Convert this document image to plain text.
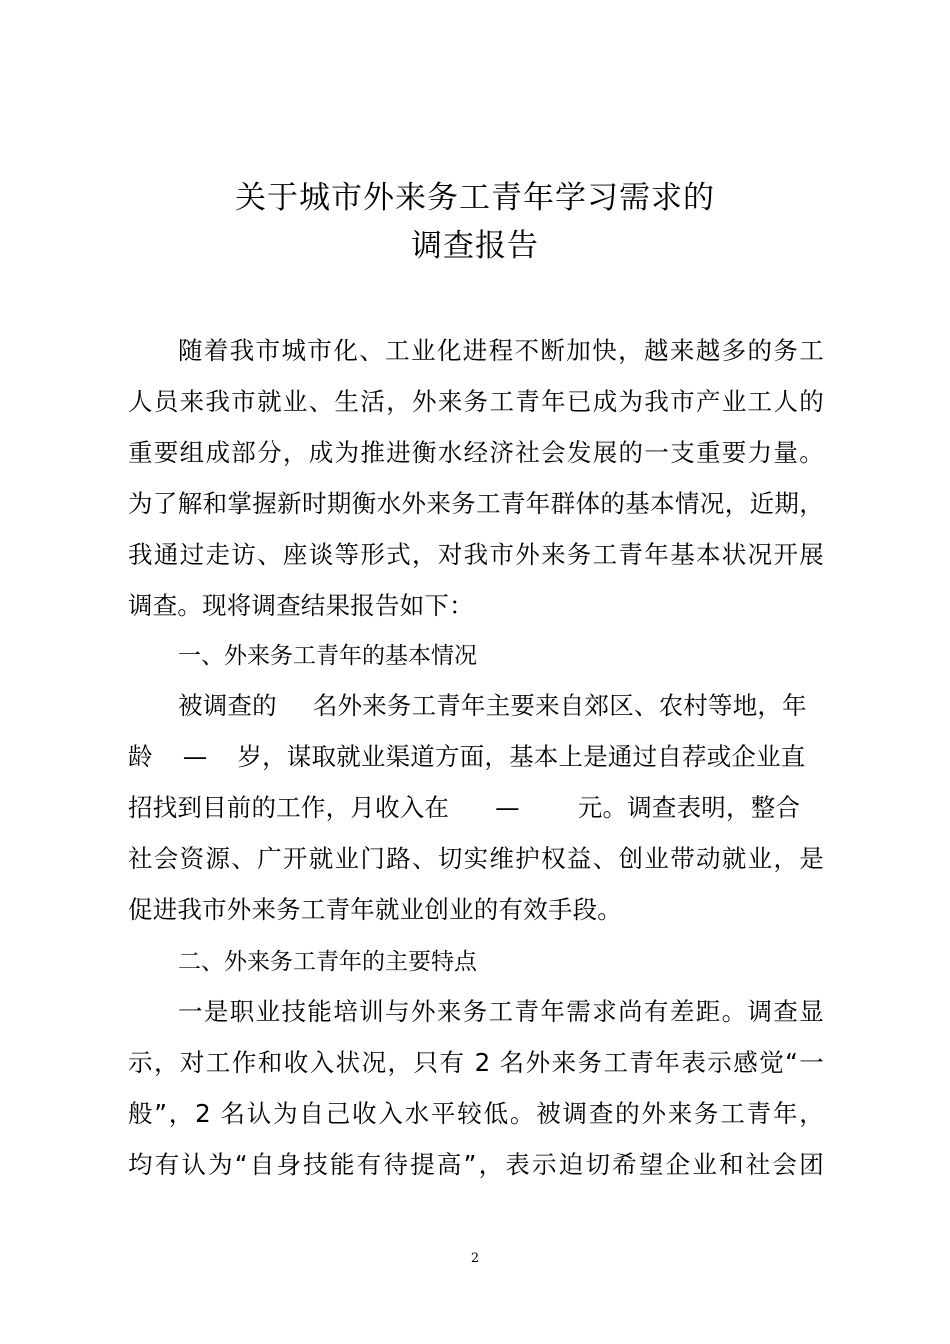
关于城市外来务工青年学习需求的
调查报告
随着我市城市化、工业化进程不断加快，越来越多的务工
人员来我市就业、生活，外来务工青年已成为我市产业工人的
重要组成部分，成为推进衡水经济社会发展的一支重要力量。
为了解和掌握新时期衡水外来务工青年群体的基本情况，近期，
我通过走访、座谈等形式，对我市外来务工青年基本状况开展
调查。现将调查结果报告如下：
一、外来务工青年的基本情况
被调查的 名外来务工青年主要来自郊区、农村等地，年
龄 — 岁，谋取就业渠道方面，基本上是通过自荐或企业直
招找到目前的工作，月收入在 — 元。调查表明，整合
社会资源、广开就业门路、切实维护权益、创业带动就业，是
促进我市外来务工青年就业创业的有效手段。
二、外来务工青年的主要特点
一是职业技能培训与外来务工青年需求尚有差距。调查显
示，对工作和收入状况，只有 2 名外来务工青年表示感觉“一
般”，2 名认为自己收入水平较低。被调查的外来务工青年，
均有认为“自身技能有待提高”，表示迫切希望企业和社会团
2
